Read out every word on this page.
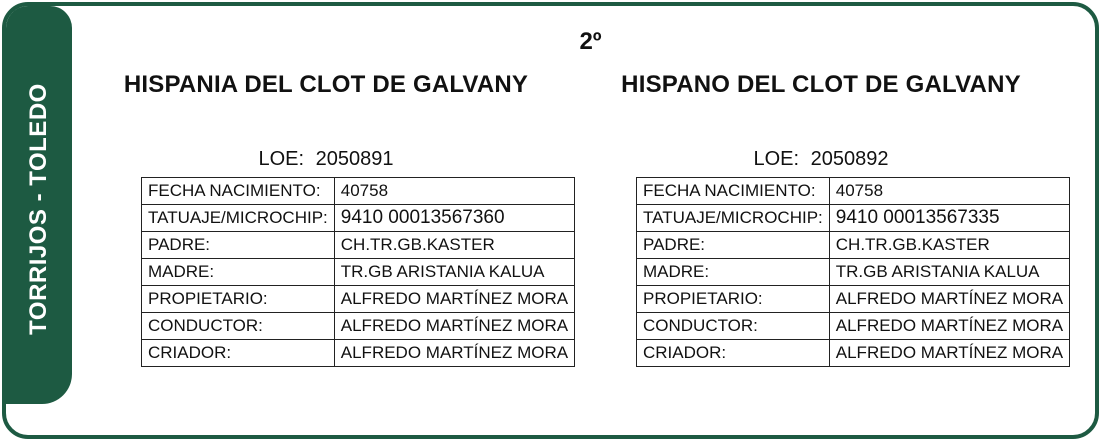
TORRIJOS - TOLEDO
2º
HISPANIA DEL CLOT DE GALVANY
LOE: 2050891
FECHA NACIMIENTO:	40758
TATUAJE/MICROCHIP:	9410 00013567360
PADRE:	CH.TR.GB.KASTER
MADRE:	TR.GB ARISTANIA KALUA
PROPIETARIO:	ALFREDO MARTÍNEZ MORA
CONDUCTOR:	ALFREDO MARTÍNEZ MORA
CRIADOR:	ALFREDO MARTÍNEZ MORA
HISPANO DEL CLOT DE GALVANY
LOE: 2050892
FECHA NACIMIENTO:	40758
TATUAJE/MICROCHIP:	9410 00013567335
PADRE:	CH.TR.GB.KASTER
MADRE:	TR.GB ARISTANIA KALUA
PROPIETARIO:	ALFREDO MARTÍNEZ MORA
CONDUCTOR:	ALFREDO MARTÍNEZ MORA
CRIADOR:	ALFREDO MARTÍNEZ MORA
